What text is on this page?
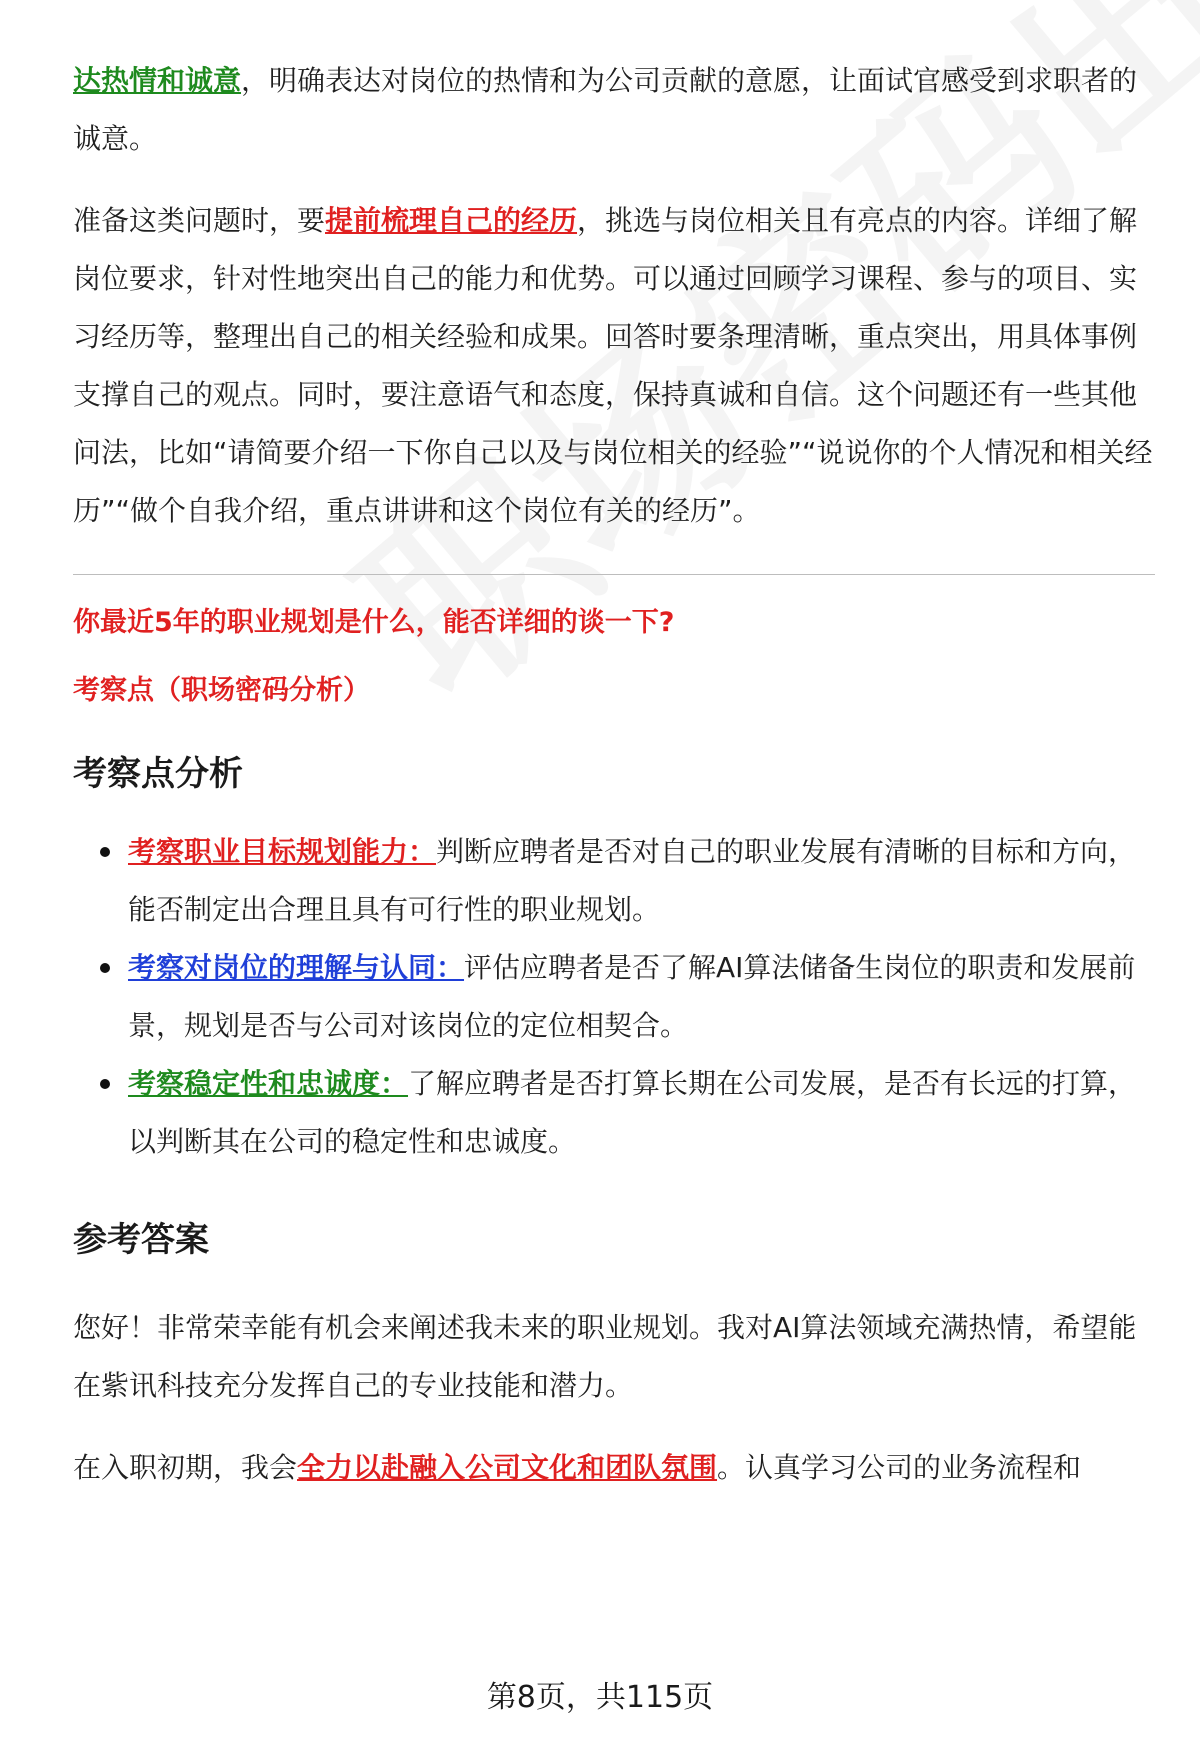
达热情和诚意，明确表达对岗位的热情和为公司贡献的意愿，让面试官感受到求职者的诚意。

准备这类问题时，要提前梳理自己的经历，挑选与岗位相关且有亮点的内容。详细了解岗位要求，针对性地突出自己的能力和优势。可以通过回顾学习课程、参与的项目、实习经历等，整理出自己的相关经验和成果。回答时要条理清晰，重点突出，用具体事例支撑自己的观点。同时，要注意语气和态度，保持真诚和自信。这个问题还有一些其他问法，比如“请简要介绍一下你自己以及与岗位相关的经验”“说说你的个人情况和相关经历”“做个自我介绍，重点讲讲和这个岗位有关的经历”。

你最近5年的职业规划是什么，能否详细的谈一下?

考察点（职场密码分析）

考察点分析
考察职业目标规划能力：判断应聘者是否对自己的职业发展有清晰的目标和方向，能否制定出合理且具有可行性的职业规划。
考察对岗位的理解与认同：评估应聘者是否了解AI算法储备生岗位的职责和发展前景，规划是否与公司对该岗位的定位相契合。
考察稳定性和忠诚度：了解应聘者是否打算长期在公司发展，是否有长远的打算，以判断其在公司的稳定性和忠诚度。
参考答案

您好！非常荣幸能有机会来阐述我未来的职业规划。我对AI算法领域充满热情，希望能在紫讯科技充分发挥自己的专业技能和潜力。

在入职初期，我会全力以赴融入公司文化和团队氛围。认真学习公司的业务流程和

第8页，共115页
